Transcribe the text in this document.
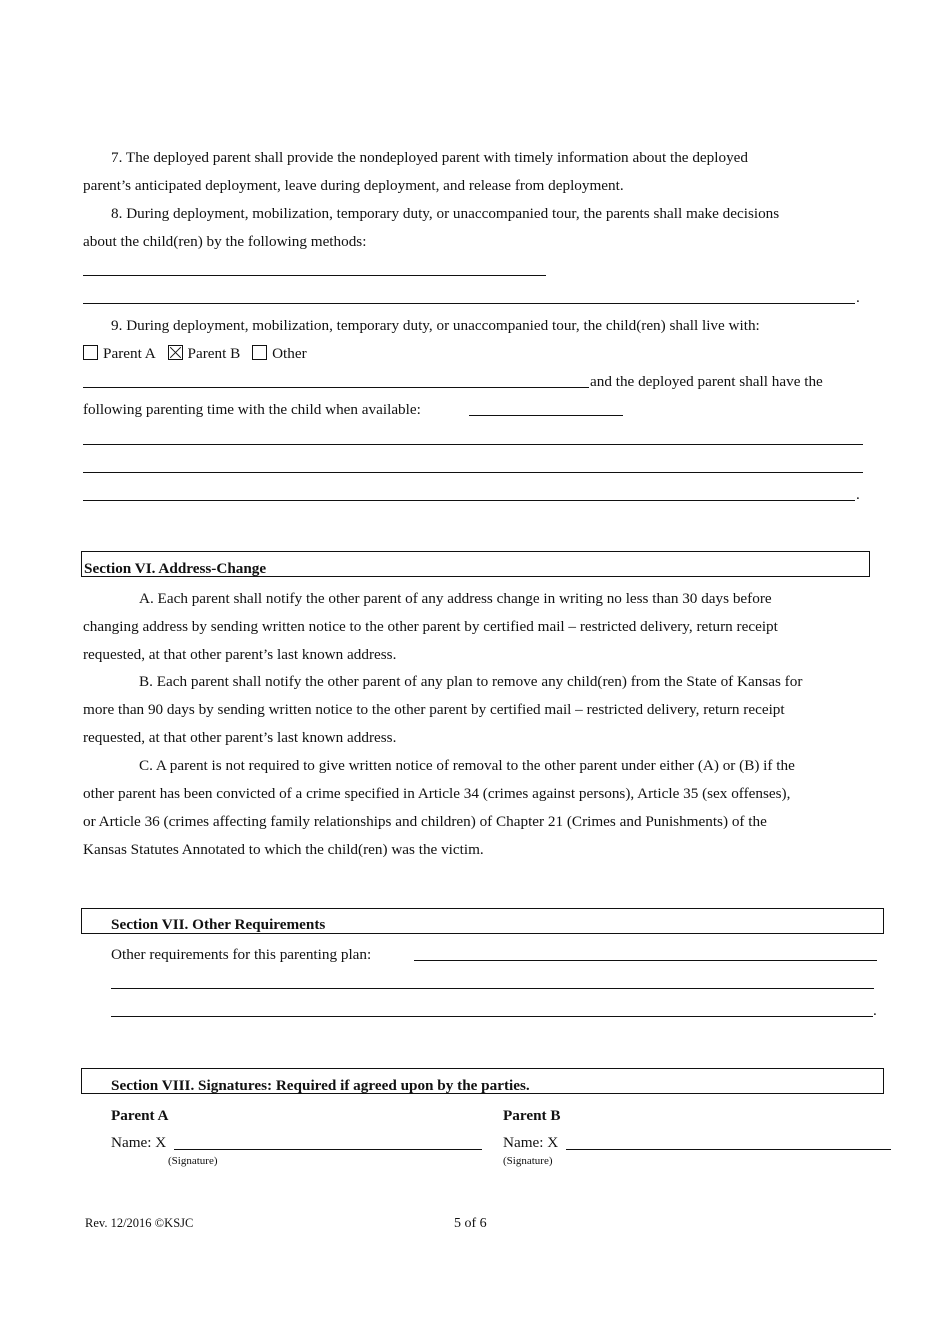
7. The deployed parent shall provide the nondeployed parent with timely information about the deployed
parent’s anticipated deployment, leave during deployment, and release from deployment.
8. During deployment, mobilization, temporary duty, or unaccompanied tour, the parents shall make decisions
about the child(ren) by the following methods:
.
9. During deployment, mobilization, temporary duty, or unaccompanied tour, the child(ren) shall live with:
Parent A Parent B Other
and the deployed parent shall have the
following parenting time with the child when available:
.
Section VI. Address-Change
A. Each parent shall notify the other parent of any address change in writing no less than 30 days before
changing address by sending written notice to the other parent by certified mail – restricted delivery, return receipt
requested, at that other parent’s last known address.
B. Each parent shall notify the other parent of any plan to remove any child(ren) from the State of Kansas for
more than 90 days by sending written notice to the other parent by certified mail – restricted delivery, return receipt
requested, at that other parent’s last known address.
C. A parent is not required to give written notice of removal to the other parent under either (A) or (B) if the
other parent has been convicted of a crime specified in Article 34 (crimes against persons), Article 35 (sex offenses),
or Article 36 (crimes affecting family relationships and children) of Chapter 21 (Crimes and Punishments) of the
Kansas Statutes Annotated to which the child(ren) was the victim.
Section VII. Other Requirements
Other requirements for this parenting plan:
.
Section VIII. Signatures: Required if agreed upon by the parties.
Parent A
Name: X
(Signature)
Parent B
Name: X
(Signature)
Rev. 12/2016 ©KSJC	5 of 6
